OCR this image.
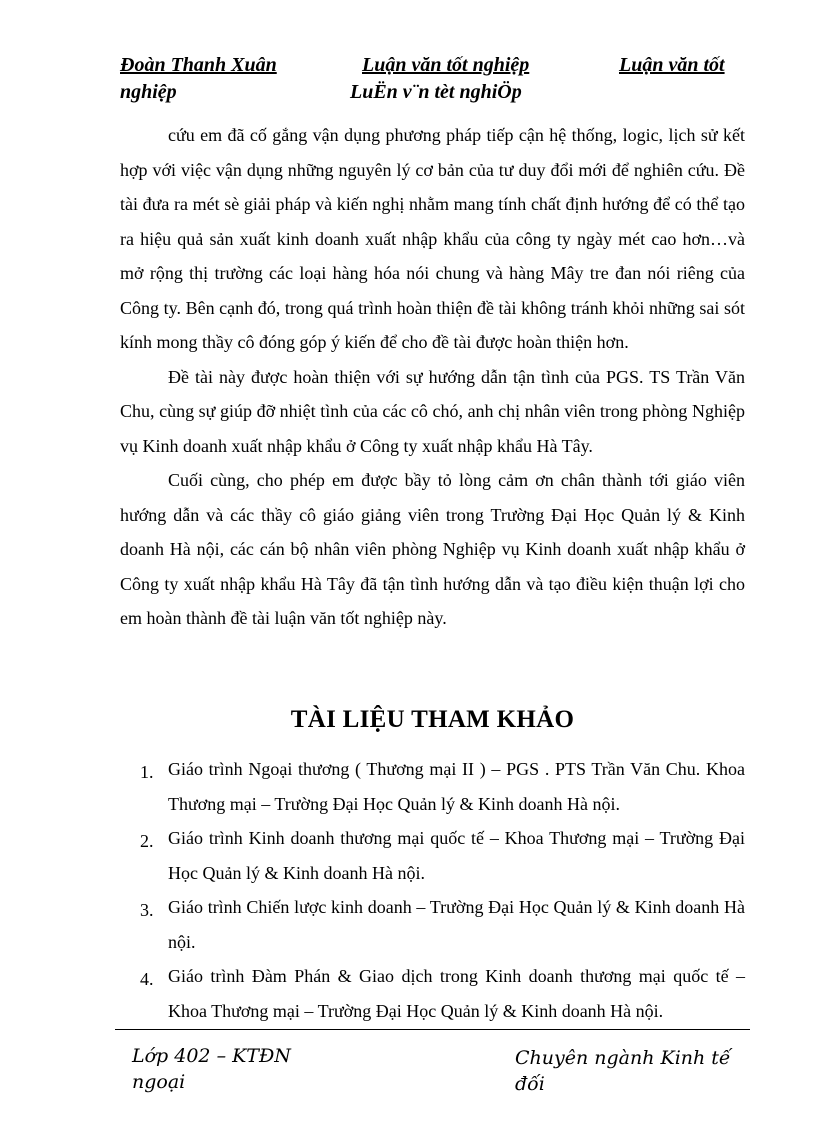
Đoàn Thanh Xuân	Luận văn tốt nghiệp	Luận văn tốt
nghiệp	LuËn v¨n tèt nghiÖp

cứu em đã cố gắng vận dụng phương pháp tiếp cận hệ thống, logic, lịch sử kết hợp với việc vận dụng những nguyên lý cơ bản của tư duy đổi mới để nghiên cứu. Đề tài đưa ra mét sè giải pháp và kiến nghị nhằm mang tính chất định hướng để có thể tạo ra hiệu quả sản xuất kinh doanh xuất nhập khẩu của công ty ngày mét cao hơn…và mở rộng thị trường các loại hàng hóa nói chung và hàng Mây tre đan nói riêng của Công ty. Bên cạnh đó, trong quá trình hoàn thiện đề tài không tránh khỏi những sai sót kính mong thầy cô đóng góp ý kiến để cho đề tài được hoàn thiện hơn.

Đề tài này được hoàn thiện với sự hướng dẫn tận tình của PGS. TS Trần Văn Chu, cùng sự giúp đỡ nhiệt tình của các cô chó, anh chị nhân viên trong phòng Nghiệp vụ Kinh doanh xuất nhập khẩu ở Công ty xuất nhập khẩu Hà Tây.

Cuối cùng, cho phép em được bầy tỏ lòng cảm ơn chân thành tới giáo viên hướng dẫn và các thầy cô giáo giảng viên trong Trường Đại Học Quản lý & Kinh doanh Hà nội, các cán bộ nhân viên phòng Nghiệp vụ Kinh doanh xuất nhập khẩu ở Công ty xuất nhập khẩu Hà Tây đã tận tình hướng dẫn và tạo điều kiện thuận lợi cho em hoàn thành đề tài luận văn tốt nghiệp này.

TÀI LIỆU THAM KHẢO
1. Giáo trình Ngoại thương ( Thương mại II ) – PGS . PTS Trần Văn Chu. Khoa Thương mại – Trường Đại Học Quản lý & Kinh doanh Hà nội.
2. Giáo trình Kinh doanh thương mại quốc tế – Khoa Thương mại – Trường Đại Học Quản lý & Kinh doanh Hà nội.
3. Giáo trình Chiến lược kinh doanh – Trường Đại Học Quản lý & Kinh doanh Hà nội.
4. Giáo trình Đàm Phán & Giao dịch trong Kinh doanh thương mại quốc tế – Khoa Thương mại – Trường Đại Học Quản lý & Kinh doanh Hà nội.
Lớp 402 – KTĐN ngoại
Chuyên ngành Kinh tế đối
